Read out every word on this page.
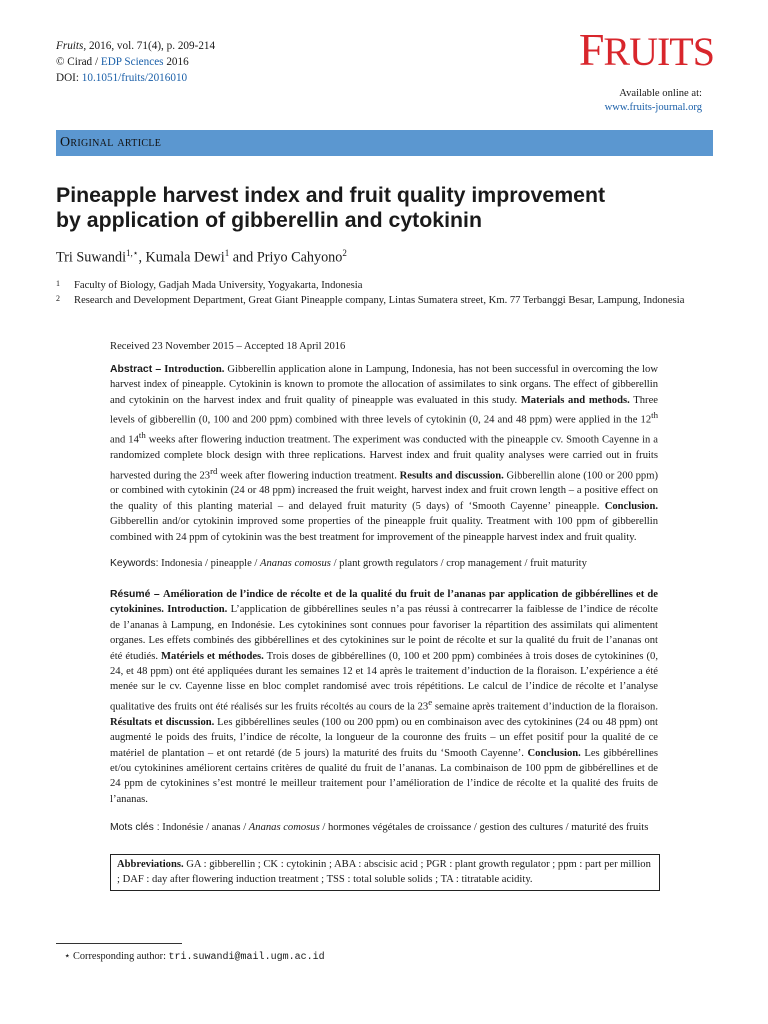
Fruits, 2016, vol. 71(4), p. 209-214
© Cirad / EDP Sciences 2016
DOI: 10.1051/fruits/2016010
FRUITS
Available online at:
www.fruits-journal.org
Original article
Pineapple harvest index and fruit quality improvement
by application of gibberellin and cytokinin
Tri Suwandi$^{1,⋆}$, Kumala Dewi$^1$ and Priyo Cahyono$^2$
1	Faculty of Biology, Gadjah Mada University, Yogyakarta, Indonesia
2	Research and Development Department, Great Giant Pineapple company, Lintas Sumatera street, Km. 77 Terbanggi Besar, Lampung, Indonesia
Received 23 November 2015 – Accepted 18 April 2016
Abstract – Introduction. Gibberellin application alone in Lampung, Indonesia, has not been successful in overcoming the low harvest index of pineapple. Cytokinin is known to promote the allocation of assimilates to sink organs. The effect of gibberellin and cytokinin on the harvest index and fruit quality of pineapple was evaluated in this study. Materials and methods. Three levels of gibberellin (0, 100 and 200 ppm) combined with three levels of cytokinin (0, 24 and 48 ppm) were applied in the 12th and 14th weeks after flowering induction treatment. The experiment was conducted with the pineapple cv. Smooth Cayenne in a randomized complete block design with three replications. Harvest index and fruit quality analyses were carried out in fruits harvested during the 23rd week after flowering induction treatment. Results and discussion. Gibberellin alone (100 or 200 ppm) or combined with cytokinin (24 or 48 ppm) increased the fruit weight, harvest index and fruit crown length – a positive effect on the quality of this planting material – and delayed fruit maturity (5 days) of ‘Smooth Cayenne’ pineapple. Conclusion. Gibberellin and/or cytokinin improved some properties of the pineapple fruit quality. Treatment with 100 ppm of gibberellin combined with 24 ppm of cytokinin was the best treatment for improvement of the pineapple harvest index and fruit quality.
Keywords: Indonesia / pineapple / Ananas comosus / plant growth regulators / crop management / fruit maturity
Résumé – Amélioration de l’indice de récolte et de la qualité du fruit de l’ananas par application de gibbérellines et de cytokinines. Introduction. L’application de gibbérellines seules n’a pas réussi à contrecarrer la faiblesse de l’indice de récolte de l’ananas à Lampung, en Indonésie. Les cytokinines sont connues pour favoriser la répartition des assimilats qui alimentent organes. Les effets combinés des gibbérellines et des cytokinines sur le point de récolte et sur la qualité du fruit de l’ananas ont été étudiés. Matériels et méthodes. Trois doses de gibbérellines (0, 100 et 200 ppm) combinées à trois doses de cytokinines (0, 24, et 48 ppm) ont été appliquées durant les semaines 12 et 14 après le traitement d’induction de la floraison. L’expérience a été menée sur le cv. Cayenne lisse en bloc complet randomisé avec trois répétitions. Le calcul de l’indice de récolte et l’analyse qualitative des fruits ont été réalisés sur les fruits récoltés au cours de la 23e semaine après traitement d’induction de la floraison. Résultats et discussion. Les gibbérellines seules (100 ou 200 ppm) ou en combinaison avec des cytokinines (24 ou 48 ppm) ont augmenté le poids des fruits, l’indice de récolte, la longueur de la couronne des fruits – un effet positif pour la qualité de ce matériel de plantation – et ont retardé (de 5 jours) la maturité des fruits du ‘Smooth Cayenne’. Conclusion. Les gibbérellines et/ou cytokinines améliorent certains critères de qualité du fruit de l’ananas. La combinaison de 100 ppm de gibbérellines et de 24 ppm de cytokinines s’est montré le meilleur traitement pour l’amélioration de l’indice de récolte et la qualité des fruits de l’ananas.
Mots clés : Indonésie / ananas / Ananas comosus / hormones végétales de croissance / gestion des cultures / maturité des fruits
Abbreviations. GA : gibberellin ; CK : cytokinin ; ABA : abscisic acid ; PGR : plant growth regulator ; ppm : part per million ; DAF : day after flowering induction treatment ; TSS : total soluble solids ; TA : titratable acidity.
⋆ Corresponding author: tri.suwandi@mail.ugm.ac.id
